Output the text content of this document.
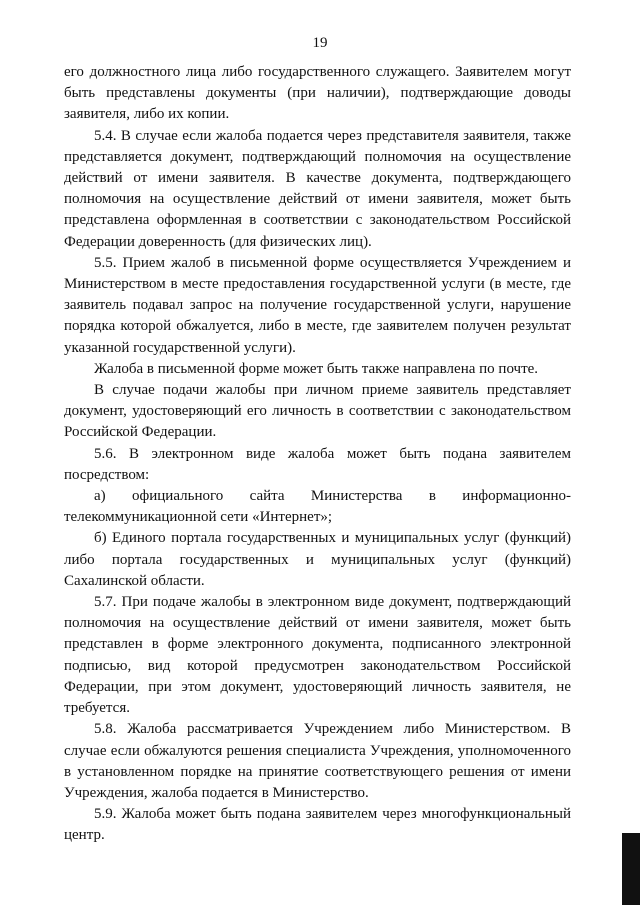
19

его должностного лица либо государственного служащего. Заявителем могут быть представлены документы (при наличии), подтверждающие доводы заявителя, либо их копии.

5.4. В случае если жалоба подается через представителя заявителя, также представляется документ, подтверждающий полномочия на осуществление действий от имени заявителя. В качестве документа, подтверждающего полномочия на осуществление действий от имени заявителя, может быть представлена оформленная в соответствии с законодательством Российской Федерации доверенность (для физических лиц).

5.5. Прием жалоб в письменной форме осуществляется Учреждением и Министерством в месте предоставления государственной услуги (в месте, где заявитель подавал запрос на получение государственной услуги, нарушение порядка которой обжалуется, либо в месте, где заявителем получен результат указанной государственной услуги).

Жалоба в письменной форме может быть также направлена по почте.

В случае подачи жалобы при личном приеме заявитель представляет документ, удостоверяющий его личность в соответствии с законодательством Российской Федерации.

5.6. В электронном виде жалоба может быть подана заявителем посредством:

а) официального сайта Министерства в информационно-телекоммуникационной сети «Интернет»;

б) Единого портала государственных и муниципальных услуг (функций) либо портала государственных и муниципальных услуг (функций) Сахалинской области.

5.7. При подаче жалобы в электронном виде документ, подтверждающий полномочия на осуществление действий от имени заявителя, может быть представлен в форме электронного документа, подписанного электронной подписью, вид которой предусмотрен законодательством Российской Федерации, при этом документ, удостоверяющий личность заявителя, не требуется.

5.8. Жалоба рассматривается Учреждением либо Министерством. В случае если обжалуются решения специалиста Учреждения, уполномоченного в установленном порядке на принятие соответствующего решения от имени Учреждения, жалоба подается в Министерство.

5.9. Жалоба может быть подана заявителем через многофункциональный центр.
